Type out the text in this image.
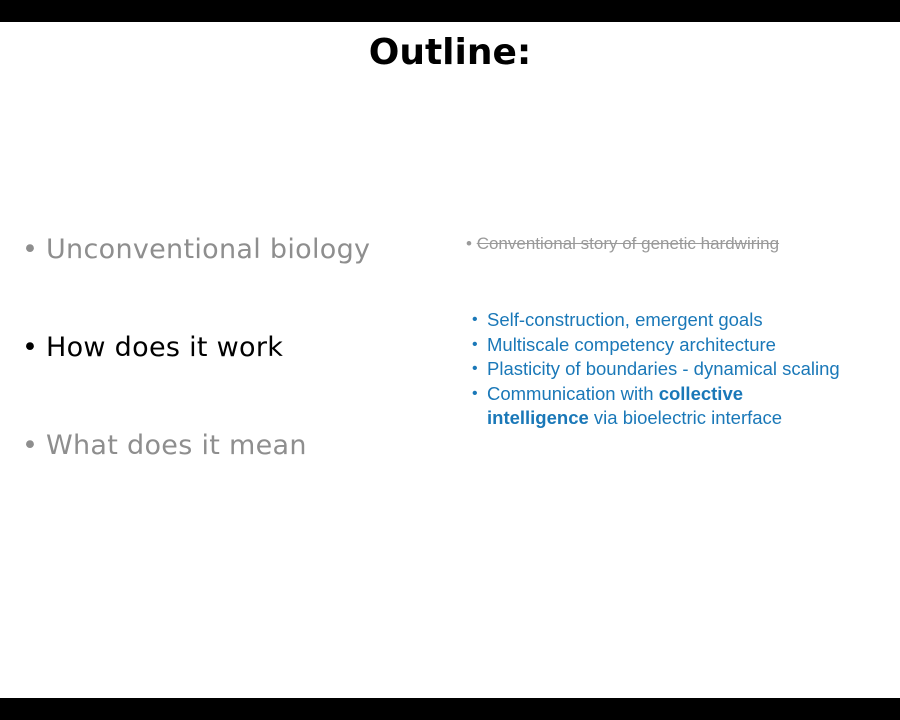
Outline:
• Unconventional biology
• How does it work
• What does it mean
• Conventional story of genetic hardwiring
• Self-construction, emergent goals
• Multiscale competency architecture
• Plasticity of boundaries - dynamical scaling
• Communication with collective
intelligence via bioelectric interface
